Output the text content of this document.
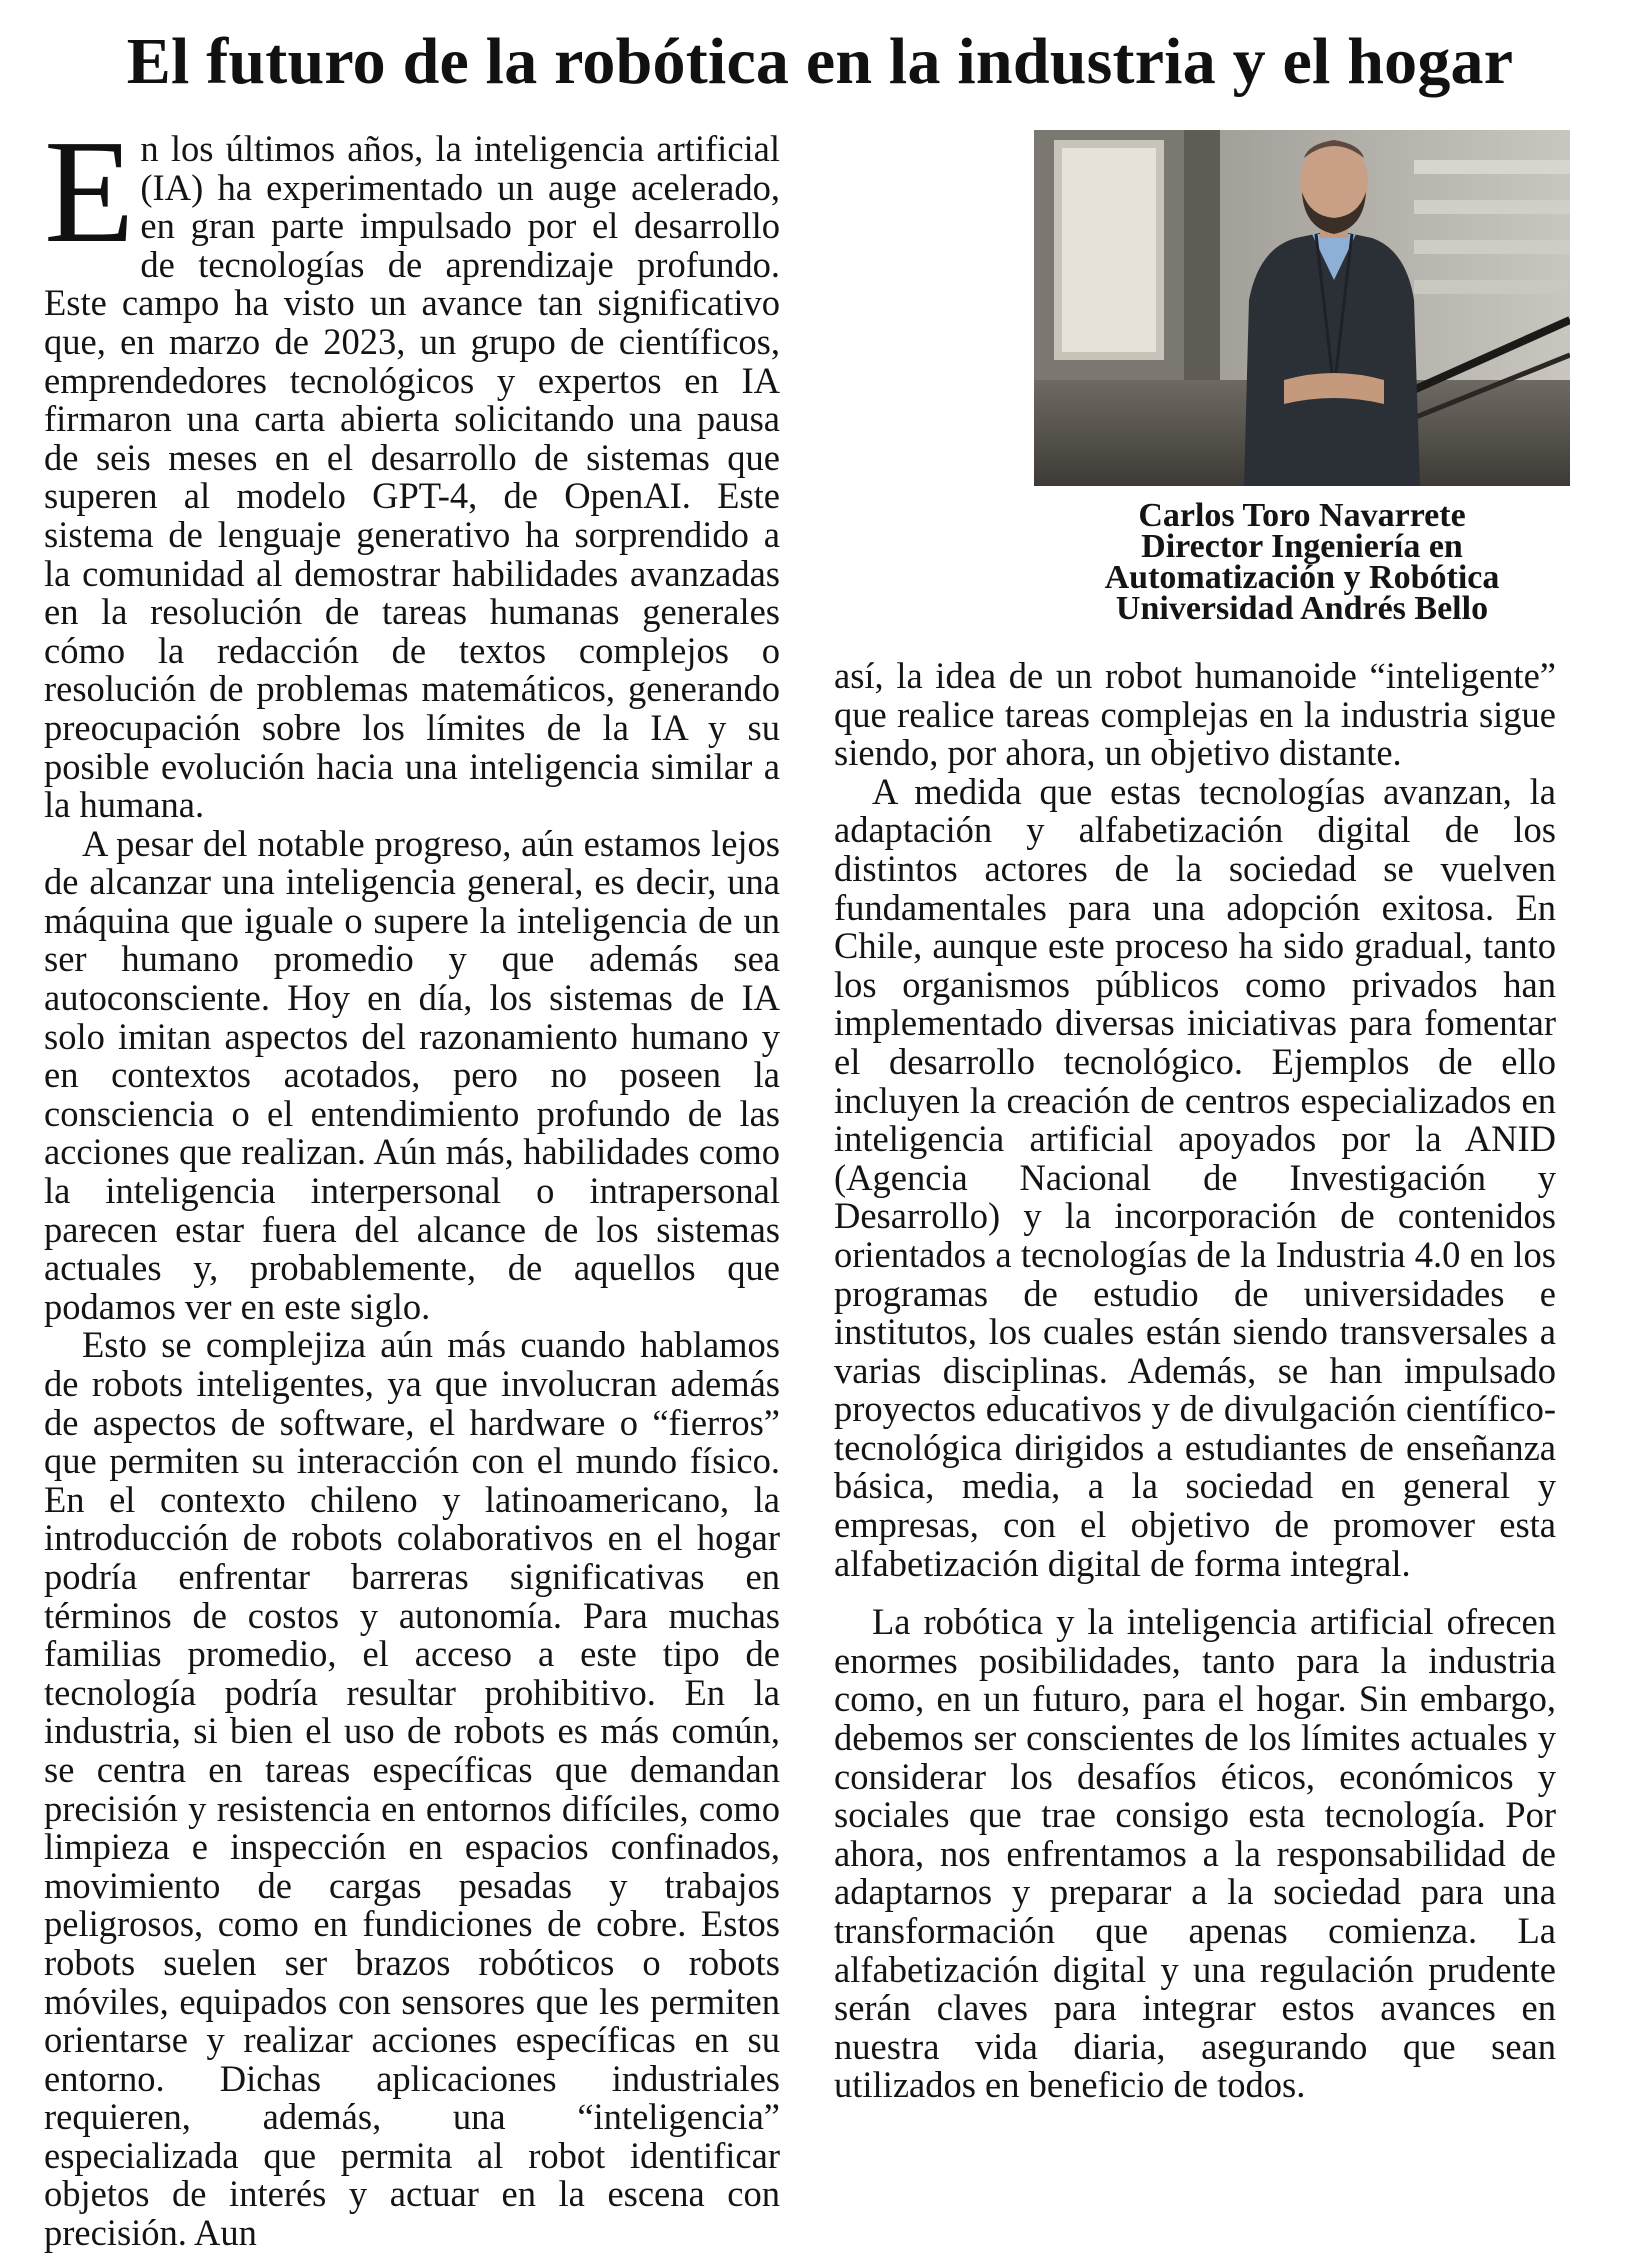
El futuro de la robótica en la industria y el hogar

En los últimos años, la inteligencia artificial (IA) ha experimentado un auge acelerado, en gran parte impulsado por el desarrollo de tecnologías de aprendizaje profundo. Este campo ha visto un avance tan significativo que, en marzo de 2023, un grupo de científicos, emprendedores tecnológicos y expertos en IA firmaron una carta abierta solicitando una pausa de seis meses en el desarrollo de sistemas que superen al modelo GPT-4, de OpenAI. Este sistema de lenguaje generativo ha sorprendido a la comunidad al demostrar habilidades avanzadas en la resolución de tareas humanas generales cómo la redacción de textos complejos o resolución de problemas matemáticos, generando preocupación sobre los límites de la IA y su posible evolución hacia una inteligencia similar a la humana.

A pesar del notable progreso, aún estamos lejos de alcanzar una inteligencia general, es decir, una máquina que iguale o supere la inteligencia de un ser humano promedio y que además sea autoconsciente. Hoy en día, los sistemas de IA solo imitan aspectos del razonamiento humano y en contextos acotados, pero no poseen la consciencia o el entendimiento profundo de las acciones que realizan. Aún más, habilidades como la inteligencia interpersonal o intrapersonal parecen estar fuera del alcance de los sistemas actuales y, probablemente, de aquellos que podamos ver en este siglo.

Esto se complejiza aún más cuando hablamos de robots inteligentes, ya que involucran además de aspectos de software, el hardware o “fierros” que permiten su interacción con el mundo físico. En el contexto chileno y latinoamericano, la introducción de robots colaborativos en el hogar podría enfrentar barreras significativas en términos de costos y autonomía. Para muchas familias promedio, el acceso a este tipo de tecnología podría resultar prohibitivo. En la industria, si bien el uso de robots es más común, se centra en tareas específicas que demandan precisión y resistencia en entornos difíciles, como limpieza e inspección en espacios confinados, movimiento de cargas pesadas y trabajos peligrosos, como en fundiciones de cobre. Estos robots suelen ser brazos robóticos o robots móviles, equipados con sensores que les permiten orientarse y realizar acciones específicas en su entorno. Dichas aplicaciones industriales requieren, además, una “inteligencia” especializada que permita al robot identificar objetos de interés y actuar en la escena con precisión. Aun

Carlos Toro Navarrete
Director Ingeniería en
Automatización y Robótica
Universidad Andrés Bello

así, la idea de un robot humanoide “inteligente” que realice tareas complejas en la industria sigue siendo, por ahora, un objetivo distante.

A medida que estas tecnologías avanzan, la adaptación y alfabetización digital de los distintos actores de la sociedad se vuelven fundamentales para una adopción exitosa. En Chile, aunque este proceso ha sido gradual, tanto los organismos públicos como privados han implementado diversas iniciativas para fomentar el desarrollo tecnológico. Ejemplos de ello incluyen la creación de centros especializados en inteligencia artificial apoyados por la ANID (Agencia Nacional de Investigación y Desarrollo) y la incorporación de contenidos orientados a tecnologías de la Industria 4.0 en los programas de estudio de universidades e institutos, los cuales están siendo transversales a varias disciplinas. Además, se han impulsado proyectos educativos y de divulgación científico-tecnológica dirigidos a estudiantes de enseñanza básica, media, a la sociedad en general y empresas, con el objetivo de promover esta alfabetización digital de forma integral.

La robótica y la inteligencia artificial ofrecen enormes posibilidades, tanto para la industria como, en un futuro, para el hogar. Sin embargo, debemos ser conscientes de los límites actuales y considerar los desafíos éticos, económicos y sociales que trae consigo esta tecnología. Por ahora, nos enfrentamos a la responsabilidad de adaptarnos y preparar a la sociedad para una transformación que apenas comienza. La alfabetización digital y una regulación prudente serán claves para integrar estos avances en nuestra vida diaria, asegurando que sean utilizados en beneficio de todos.
